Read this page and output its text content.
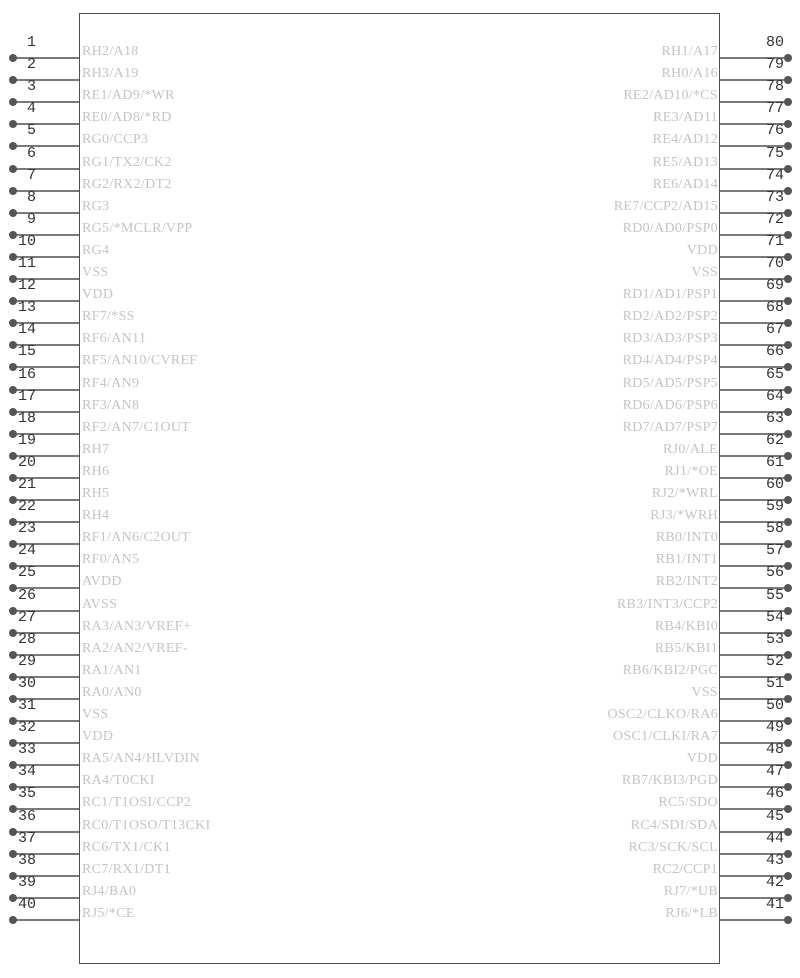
1
RH2/A18
2
RH3/A19
3
RE1/AD9/*WR
4
RE0/AD8/*RD
5
RG0/CCP3
6
RG1/TX2/CK2
7
RG2/RX2/DT2
8
RG3
9
RG5/*MCLR/VPP
10
RG4
11
VSS
12
VDD
13
RF7/*SS
14
RF6/AN11
15
RF5/AN10/CVREF
16
RF4/AN9
17
RF3/AN8
18
RF2/AN7/C1OUT
19
RH7
20
RH6
21
RH5
22
RH4
23
RF1/AN6/C2OUT
24
RF0/AN5
25
AVDD
26
AVSS
27
RA3/AN3/VREF+
28
RA2/AN2/VREF-
29
RA1/AN1
30
RA0/AN0
31
VSS
32
VDD
33
RA5/AN4/HLVDIN
34
RA4/T0CKI
35
RC1/T1OSI/CCP2
36
RC0/T1OSO/T13CKI
37
RC6/TX1/CK1
38
RC7/RX1/DT1
39
RJ4/BA0
40
RJ5/*CE
80
RH1/A17
79
RH0/A16
78
RE2/AD10/*CS
77
RE3/AD11
76
RE4/AD12
75
RE5/AD13
74
RE6/AD14
73
RE7/CCP2/AD15
72
RD0/AD0/PSP0
71
VDD
70
VSS
69
RD1/AD1/PSP1
68
RD2/AD2/PSP2
67
RD3/AD3/PSP3
66
RD4/AD4/PSP4
65
RD5/AD5/PSP5
64
RD6/AD6/PSP6
63
RD7/AD7/PSP7
62
RJ0/ALE
61
RJ1/*OE
60
RJ2/*WRL
59
RJ3/*WRH
58
RB0/INT0
57
RB1/INT1
56
RB2/INT2
55
RB3/INT3/CCP2
54
RB4/KBI0
53
RB5/KBI1
52
RB6/KBI2/PGC
51
VSS
50
OSC2/CLKO/RA6
49
OSC1/CLKI/RA7
48
VDD
47
RB7/KBI3/PGD
46
RC5/SDO
45
RC4/SDI/SDA
44
RC3/SCK/SCL
43
RC2/CCP1
42
RJ7/*UB
41
RJ6/*LB
